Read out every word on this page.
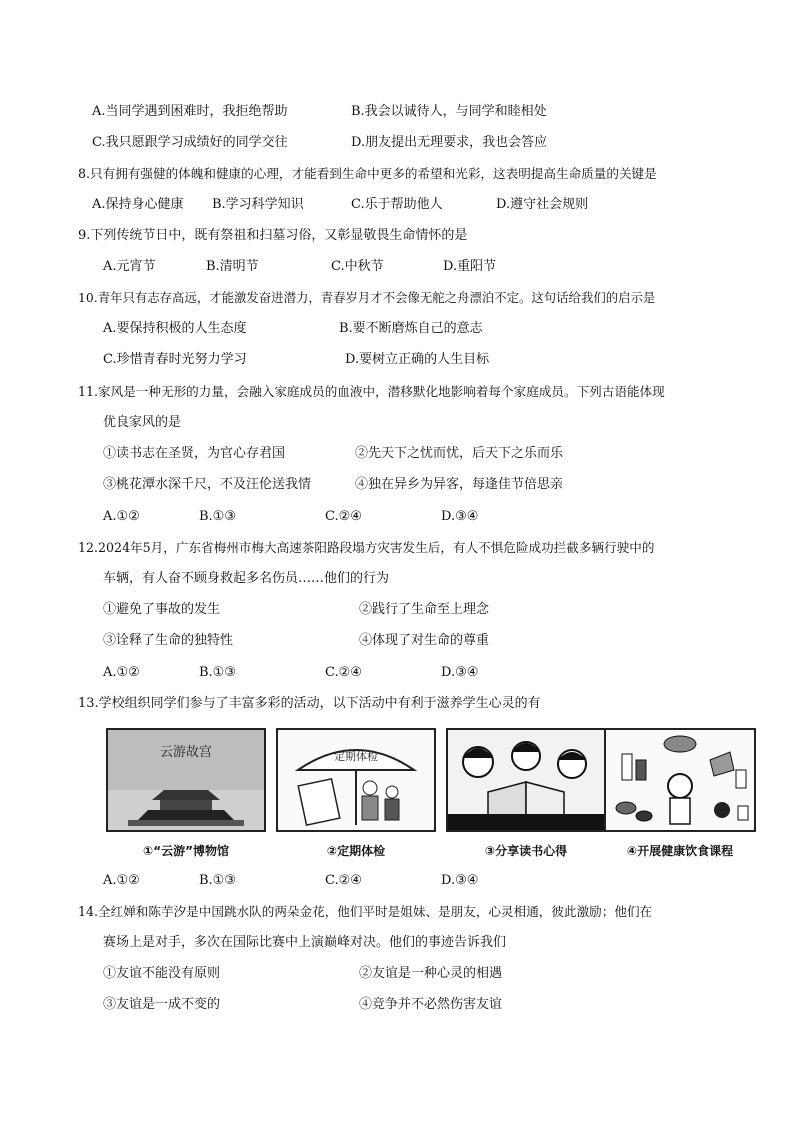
A.当同学遇到困难时，我拒绝帮助	B.我会以诚待人，与同学和睦相处
C.我只愿跟学习成绩好的同学交往	D.朋友提出无理要求，我也会答应
8.只有拥有强健的体魄和健康的心理，才能看到生命中更多的希望和光彩，这表明提高生命质量的关键是
A.保持身心健康 B.学习科学知识	C.乐于帮助他人	D.遵守社会规则
9.下列传统节日中，既有祭祖和扫墓习俗，又彰显敬畏生命情怀的是
A.元宵节	B.清明节	C.中秋节	D.重阳节
10.青年只有志存高远，才能激发奋进潜力，青春岁月才不会像无舵之舟漂泊不定。这句话给我们的启示是
A.要保持积极的人生态度	B.要不断磨炼自己的意志
C.珍惜青春时光努力学习	D.要树立正确的人生目标
11.家风是一种无形的力量，会融入家庭成员的血液中，潜移默化地影响着每个家庭成员。下列古语能体现
优良家风的是
①读书志在圣贤，为官心存君国	②先天下之忧而忧，后天下之乐而乐
③桃花潭水深千尺，不及汪伦送我情	④独在异乡为异客，每逢佳节倍思亲
A.①②	B.①③	C.②④	D.③④
12.2024年5月，广东省梅州市梅大高速茶阳路段塌方灾害发生后，有人不惧危险成功拦截多辆行驶中的
车辆，有人奋不顾身救起多名伤员……他们的行为
①避免了事故的发生	②践行了生命至上理念
③诠释了生命的独特性	④体现了对生命的尊重
A.①②	B.①③	C.②④	D.③④
13.学校组织同学们参与了丰富多彩的活动，以下活动中有利于滋养学生心灵的有
云游故宫	定期体检
①“云游”博物馆	②定期体检	③分享读书心得	④开展健康饮食课程
A.①②	B.①③	C.②④	D.③④
14.全红婵和陈芋汐是中国跳水队的两朵金花，他们平时是姐妹、是朋友，心灵相通，彼此激励；他们在
赛场上是对手，多次在国际比赛中上演巅峰对决。他们的事迹告诉我们
①友谊不能没有原则	②友谊是一种心灵的相遇
③友谊是一成不变的	④竞争并不必然伤害友谊
